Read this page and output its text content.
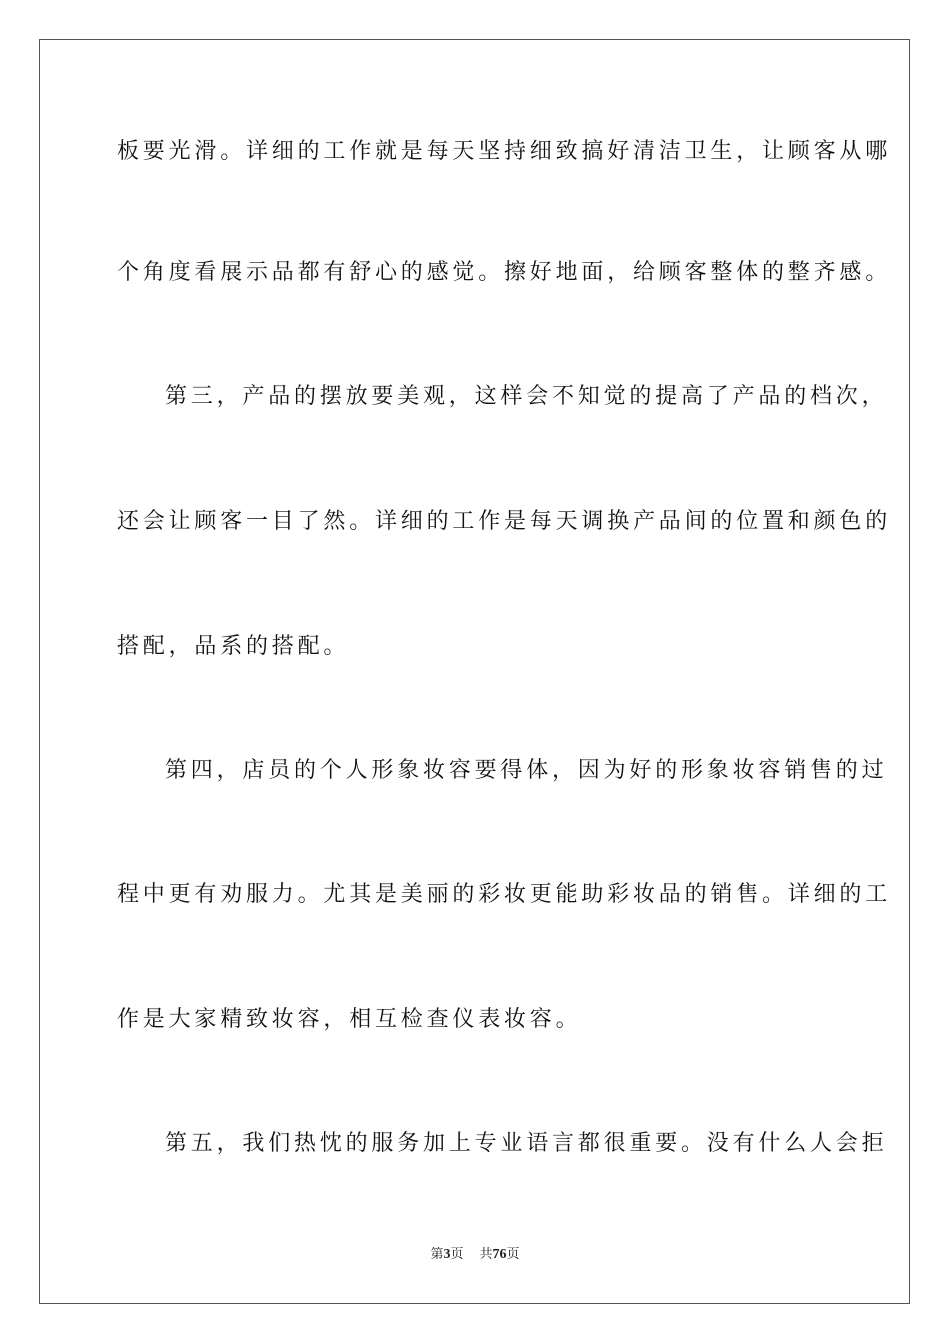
板要光滑。详细的工作就是每天坚持细致搞好清洁卫生，让顾客从哪
个角度看展示品都有舒心的感觉。擦好地面，给顾客整体的整齐感。
第三，产品的摆放要美观，这样会不知觉的提高了产品的档次，
还会让顾客一目了然。详细的工作是每天调换产品间的位置和颜色的
搭配，品系的搭配。
第四，店员的个人形象妆容要得体，因为好的形象妆容销售的过
程中更有劝服力。尤其是美丽的彩妆更能助彩妆品的销售。详细的工
作是大家精致妆容，相互检查仪表妆容。
第五，我们热忱的服务加上专业语言都很重要。没有什么人会拒
第3页 共76页
